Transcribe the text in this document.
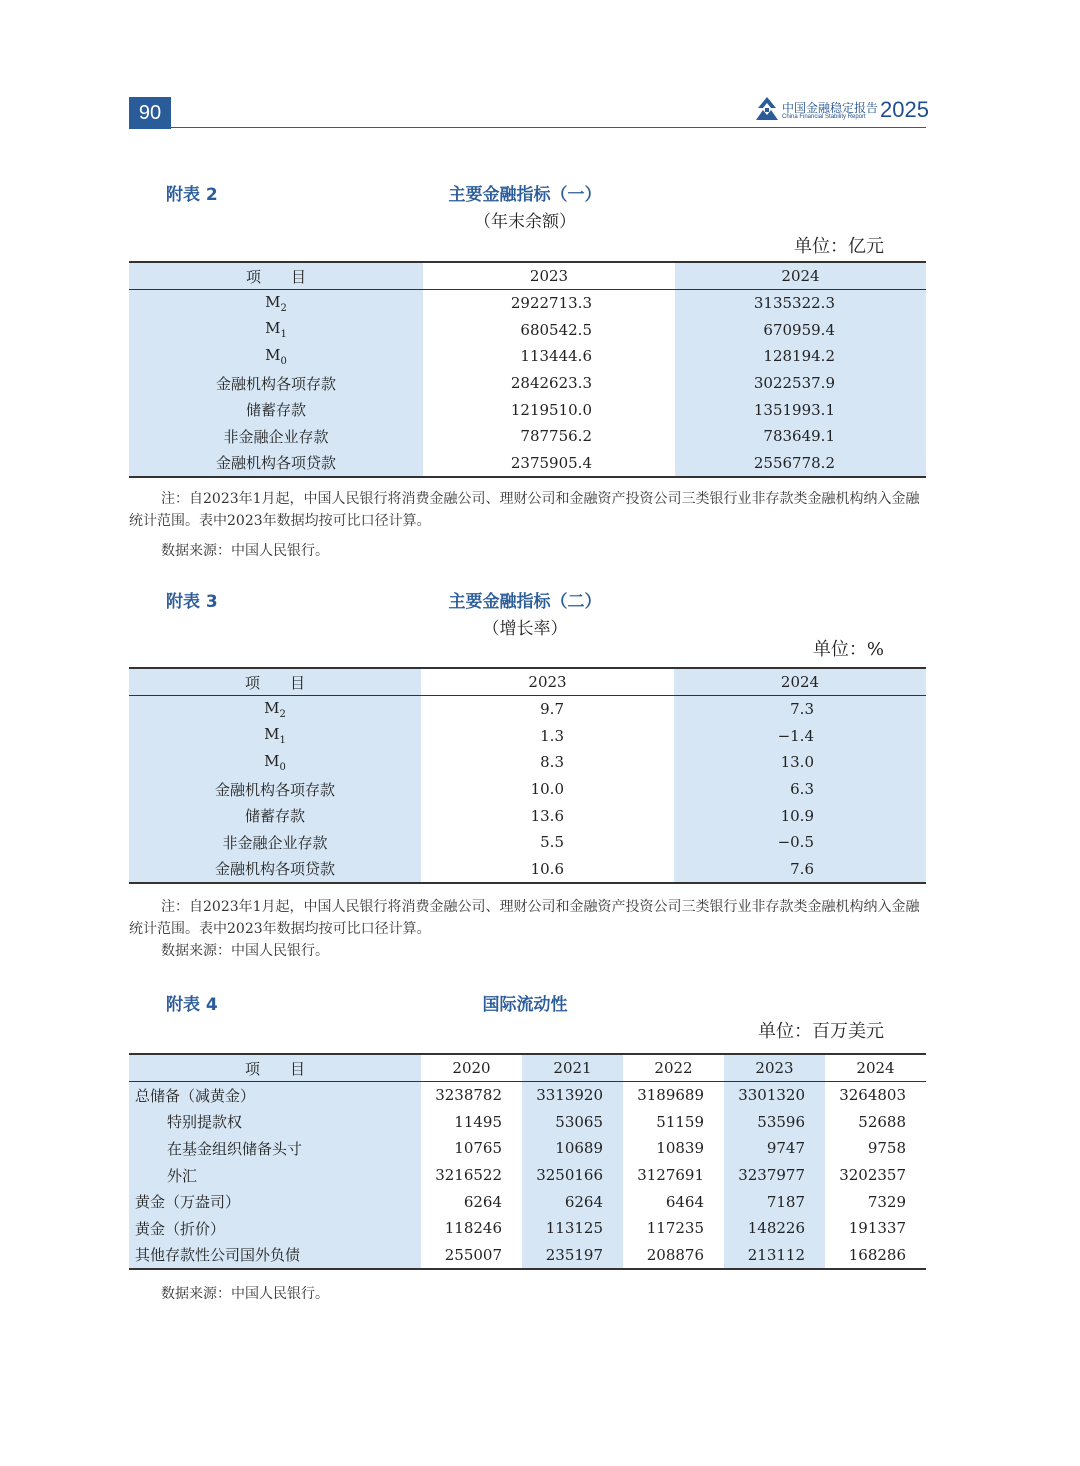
90	中国金融稳定报告
China Financial Stability Report 2025
附表 2	主要金融指标（一）
（年末余额）
单位：亿元
项　　目	2023	2024
$M_2$	2922713.3	3135322.3
$M_1$	680542.5	670959.4
$M_0$	113444.6	128194.2
金融机构各项存款	2842623.3	3022537.9
储蓄存款	1219510.0	1351993.1
非金融企业存款	787756.2	783649.1
金融机构各项贷款	2375905.4	2556778.2
注：自2023年1月起，中国人民银行将消费金融公司、理财公司和金融资产投资公司三类银行业非存款类金融机构纳入金融统计范围。表中2023年数据均按可比口径计算。
数据来源：中国人民银行。
附表 3	主要金融指标（二）
（增长率）
单位：%
项　　目	2023	2024
$M_2$	9.7	7.3
$M_1$	1.3	−1.4
$M_0$	8.3	13.0
金融机构各项存款	10.0	6.3
储蓄存款	13.6	10.9
非金融企业存款	5.5	−0.5
金融机构各项贷款	10.6	7.6
注：自2023年1月起，中国人民银行将消费金融公司、理财公司和金融资产投资公司三类银行业非存款类金融机构纳入金融统计范围。表中2023年数据均按可比口径计算。
数据来源：中国人民银行。
附表 4	国际流动性
单位：百万美元
项　　目	2020	2021	2022	2023	2024
总储备（减黄金）	3238782	3313920	3189689	3301320	3264803
特别提款权	11495	53065	51159	53596	52688
在基金组织储备头寸	10765	10689	10839	9747	9758
外汇	3216522	3250166	3127691	3237977	3202357
黄金（万盎司）	6264	6264	6464	7187	7329
黄金（折价）	118246	113125	117235	148226	191337
其他存款性公司国外负债	255007	235197	208876	213112	168286
数据来源：中国人民银行。
